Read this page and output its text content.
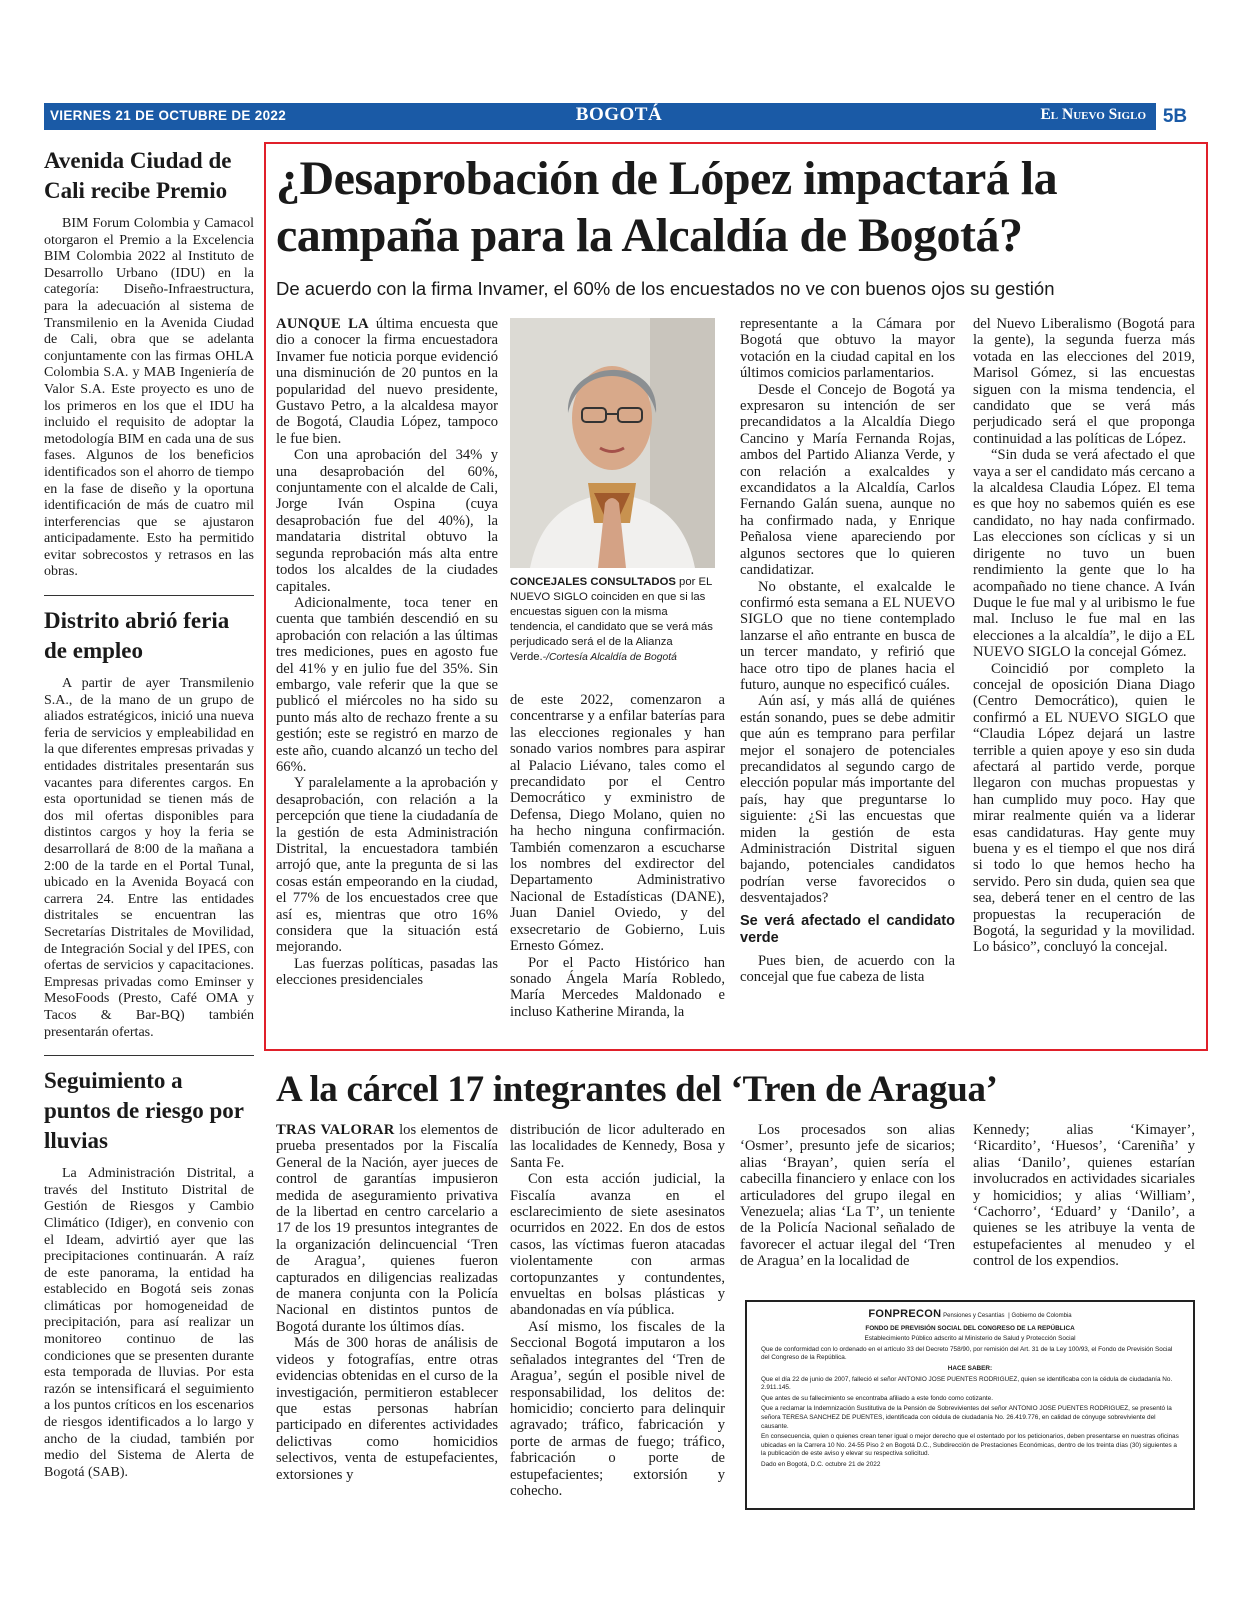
VIERNES 21 DE OCTUBRE DE 2022	BOGOTÁ	El Nuevo Siglo 5B
Avenida Ciudad de Cali recibe Premio

BIM Forum Colombia y Camacol otorgaron el Premio a la Excelencia BIM Colombia 2022 al Instituto de Desarrollo Urbano (IDU) en la categoría: Diseño-Infraestructura, para la adecuación al sistema de Transmilenio en la Avenida Ciudad de Cali, obra que se adelanta conjuntamente con las firmas OHLA Colombia S.A. y MAB Ingeniería de Valor S.A. Este proyecto es uno de los primeros en los que el IDU ha incluido el requisito de adoptar la metodología BIM en cada una de sus fases. Algunos de los beneficios identificados son el ahorro de tiempo en la fase de diseño y la oportuna identificación de más de cuatro mil interferencias que se ajustaron anticipadamente. Esto ha permitido evitar sobrecostos y retrasos en las obras.

Distrito abrió feria de empleo

A partir de ayer Transmilenio S.A., de la mano de un grupo de aliados estratégicos, inició una nueva feria de servicios y empleabilidad en la que diferentes empresas privadas y entidades distritales presentarán sus vacantes para diferentes cargos. En esta oportunidad se tienen más de dos mil ofertas disponibles para distintos cargos y hoy la feria se desarrollará de 8:00 de la mañana a 2:00 de la tarde en el Portal Tunal, ubicado en la Avenida Boyacá con carrera 24. Entre las entidades distritales se encuentran las Secretarías Distritales de Movilidad, de Integración Social y del IPES, con ofertas de servicios y capacitaciones. Empresas privadas como Eminser y MesoFoods (Presto, Café OMA y Tacos & Bar-BQ) también presentarán ofertas.

Seguimiento a puntos de riesgo por lluvias

La Administración Distrital, a través del Instituto Distrital de Gestión de Riesgos y Cambio Climático (Idiger), en convenio con el Ideam, advirtió ayer que las precipitaciones continuarán. A raíz de este panorama, la entidad ha establecido en Bogotá seis zonas climáticas por homogeneidad de precipitación, para así realizar un monitoreo continuo de las condiciones que se presenten durante esta temporada de lluvias. Por esta razón se intensificará el seguimiento a los puntos críticos en los escenarios de riesgos identificados a lo largo y ancho de la ciudad, también por medio del Sistema de Alerta de Bogotá (SAB).

¿Desaprobación de López impactará la campaña para la Alcaldía de Bogotá?
De acuerdo con la firma Invamer, el 60% de los encuestados no ve con buenos ojos su gestión

AUNQUE LA última encuesta que dio a conocer la firma encuestadora Invamer fue noticia porque evidenció una disminución de 20 puntos en la popularidad del nuevo presidente, Gustavo Petro, a la alcaldesa mayor de Bogotá, Claudia López, tampoco le fue bien.

Con una aprobación del 34% y una desaprobación del 60%, conjuntamente con el alcalde de Cali, Jorge Iván Ospina (cuya desaprobación fue del 40%), la mandataria distrital obtuvo la segunda reprobación más alta entre todos los alcaldes de la ciudades capitales.

Adicionalmente, toca tener en cuenta que también descendió en su aprobación con relación a las últimas tres mediciones, pues en agosto fue del 41% y en julio fue del 35%. Sin embargo, vale referir que la que se publicó el miércoles no ha sido su punto más alto de rechazo frente a su gestión; este se registró en marzo de este año, cuando alcanzó un techo del 66%.

Y paralelamente a la aprobación y desaprobación, con relación a la percepción que tiene la ciudadanía de la gestión de esta Administración Distrital, la encuestadora también arrojó que, ante la pregunta de si las cosas están empeorando en la ciudad, el 77% de los encuestados cree que así es, mientras que otro 16% considera que la situación está mejorando.

Las fuerzas políticas, pasadas las elecciones presidenciales

CONCEJALES CONSULTADOS por EL NUEVO SIGLO coinciden en que si las encuestas siguen con la misma tendencia, el candidato que se verá más perjudicado será el de la Alianza Verde.-/Cortesía Alcaldía de Bogotá

de este 2022, comenzaron a concentrarse y a enfilar baterías para las elecciones regionales y han sonado varios nombres para aspirar al Palacio Liévano, tales como el precandidato por el Centro Democrático y exministro de Defensa, Diego Molano, quien no ha hecho ninguna confirmación. También comenzaron a escucharse los nombres del exdirector del Departamento Administrativo Nacional de Estadísticas (DANE), Juan Daniel Oviedo, y del exsecretario de Gobierno, Luis Ernesto Gómez.

Por el Pacto Histórico han sonado Ángela María Robledo, María Mercedes Maldonado e incluso Katherine Miranda, la

representante a la Cámara por Bogotá que obtuvo la mayor votación en la ciudad capital en los últimos comicios parlamentarios.

Desde el Concejo de Bogotá ya expresaron su intención de ser precandidatos a la Alcaldía Diego Cancino y María Fernanda Rojas, ambos del Partido Alianza Verde, y con relación a exalcaldes y excandidatos a la Alcaldía, Carlos Fernando Galán suena, aunque no ha confirmado nada, y Enrique Peñalosa viene apareciendo por algunos sectores que lo quieren candidatizar.

No obstante, el exalcalde le confirmó esta semana a EL NUEVO SIGLO que no tiene contemplado lanzarse el año entrante en busca de un tercer mandato, y refirió que hace otro tipo de planes hacia el futuro, aunque no especificó cuáles.

Aún así, y más allá de quiénes están sonando, pues se debe admitir que aún es temprano para perfilar mejor el sonajero de potenciales precandidatos al segundo cargo de elección popular más importante del país, hay que preguntarse lo siguiente: ¿Si las encuestas que miden la gestión de esta Administración Distrital siguen bajando, potenciales candidatos podrían verse favorecidos o desventajados?

Se verá afectado el candidato verde

Pues bien, de acuerdo con la concejal que fue cabeza de lista

del Nuevo Liberalismo (Bogotá para la gente), la segunda fuerza más votada en las elecciones del 2019, Marisol Gómez, si las encuestas siguen con la misma tendencia, el candidato que se verá más perjudicado será el que proponga continuidad a las políticas de López.

“Sin duda se verá afectado el que vaya a ser el candidato más cercano a la alcaldesa Claudia López. El tema es que hoy no sabemos quién es ese candidato, no hay nada confirmado. Las elecciones son cíclicas y si un dirigente no tuvo un buen rendimiento la gente que lo ha acompañado no tiene chance. A Iván Duque le fue mal y al uribismo le fue mal. Incluso le fue mal en las elecciones a la alcaldía”, le dijo a EL NUEVO SIGLO la concejal Gómez.

Coincidió por completo la concejal de oposición Diana Diago (Centro Democrático), quien le confirmó a EL NUEVO SIGLO que “Claudia López dejará un lastre terrible a quien apoye y eso sin duda afectará al partido verde, porque llegaron con muchas propuestas y han cumplido muy poco. Hay que mirar realmente quién va a liderar esas candidaturas. Hay gente muy buena y es el tiempo el que nos dirá si todo lo que hemos hecho ha servido. Pero sin duda, quien sea que sea, deberá tener en el centro de las propuestas la recuperación de Bogotá, la seguridad y la movilidad. Lo básico”, concluyó la concejal.

A la cárcel 17 integrantes del ‘Tren de Aragua’

TRAS VALORAR los elementos de prueba presentados por la Fiscalía General de la Nación, ayer jueces de control de garantías impusieron medida de aseguramiento privativa de la libertad en centro carcelario a 17 de los 19 presuntos integrantes de la organización delincuencial ‘Tren de Aragua’, quienes fueron capturados en diligencias realizadas de manera conjunta con la Policía Nacional en distintos puntos de Bogotá durante los últimos días.

Más de 300 horas de análisis de videos y fotografías, entre otras evidencias obtenidas en el curso de la investigación, permitieron establecer que estas personas habrían participado en diferentes actividades delictivas como homicidios selectivos, venta de estupefacientes, extorsiones y

distribución de licor adulterado en las localidades de Kennedy, Bosa y Santa Fe.

Con esta acción judicial, la Fiscalía avanza en el esclarecimiento de siete asesinatos ocurridos en 2022. En dos de estos casos, las víctimas fueron atacadas violentamente con armas cortopunzantes y contundentes, envueltas en bolsas plásticas y abandonadas en vía pública.

Así mismo, los fiscales de la Seccional Bogotá imputaron a los señalados integrantes del ‘Tren de Aragua’, según el posible nivel de responsabilidad, los delitos de: homicidio; concierto para delinquir agravado; tráfico, fabricación y porte de armas de fuego; tráfico, fabricación o porte de estupefacientes; extorsión y cohecho.

Los procesados son alias ‘Osmer’, presunto jefe de sicarios; alias ‘Brayan’, quien sería el cabecilla financiero y enlace con los articuladores del grupo ilegal en Venezuela; alias ‘La T’, un teniente de la Policía Nacional señalado de favorecer el actuar ilegal del ‘Tren de Aragua’ en la localidad de

Kennedy; alias ‘Kimayer’, ‘Ricardito’, ‘Huesos’, ‘Careniña’ y alias ‘Danilo’, quienes estarían involucrados en actividades sicariales y homicidios; y alias ‘William’, ‘Cachorro’, ‘Eduard’ y ‘Danilo’, a quienes se les atribuye la venta de estupefacientes al menudeo y el control de los expendios.

FONPRECON Pensiones y Cesantías  | Gobierno de Colombia

FONDO DE PREVISIÓN SOCIAL DEL CONGRESO DE LA REPÚBLICA

Establecimiento Público adscrito al Ministerio de Salud y Protección Social

Que de conformidad con lo ordenado en el artículo 33 del Decreto 758/90, por remisión del Art. 31 de la Ley 100/93, el Fondo de Previsión Social del Congreso de la República.

HACE SABER:

Que el día 22 de junio de 2007, falleció el señor ANTONIO JOSE PUENTES RODRIGUEZ, quien se identificaba con la cédula de ciudadanía No. 2.911.145.

Que antes de su fallecimiento se encontraba afiliado a este fondo como cotizante.

Que a reclamar la Indemnización Sustitutiva de la Pensión de Sobrevivientes del señor ANTONIO JOSE PUENTES RODRIGUEZ, se presentó la señora TERESA SANCHEZ DE PUENTES, identificada con cédula de ciudadanía No. 26.419.776, en calidad de cónyuge sobreviviente del causante.

En consecuencia, quien o quienes crean tener igual o mejor derecho que el ostentado por los peticionarios, deben presentarse en nuestras oficinas ubicadas en la Carrera 10 No. 24-55 Piso 2 en Bogotá D.C., Subdirección de Prestaciones Económicas, dentro de los treinta días (30) siguientes a la publicación de este aviso y elevar su respectiva solicitud.

Dado en Bogotá, D.C. octubre 21 de 2022
